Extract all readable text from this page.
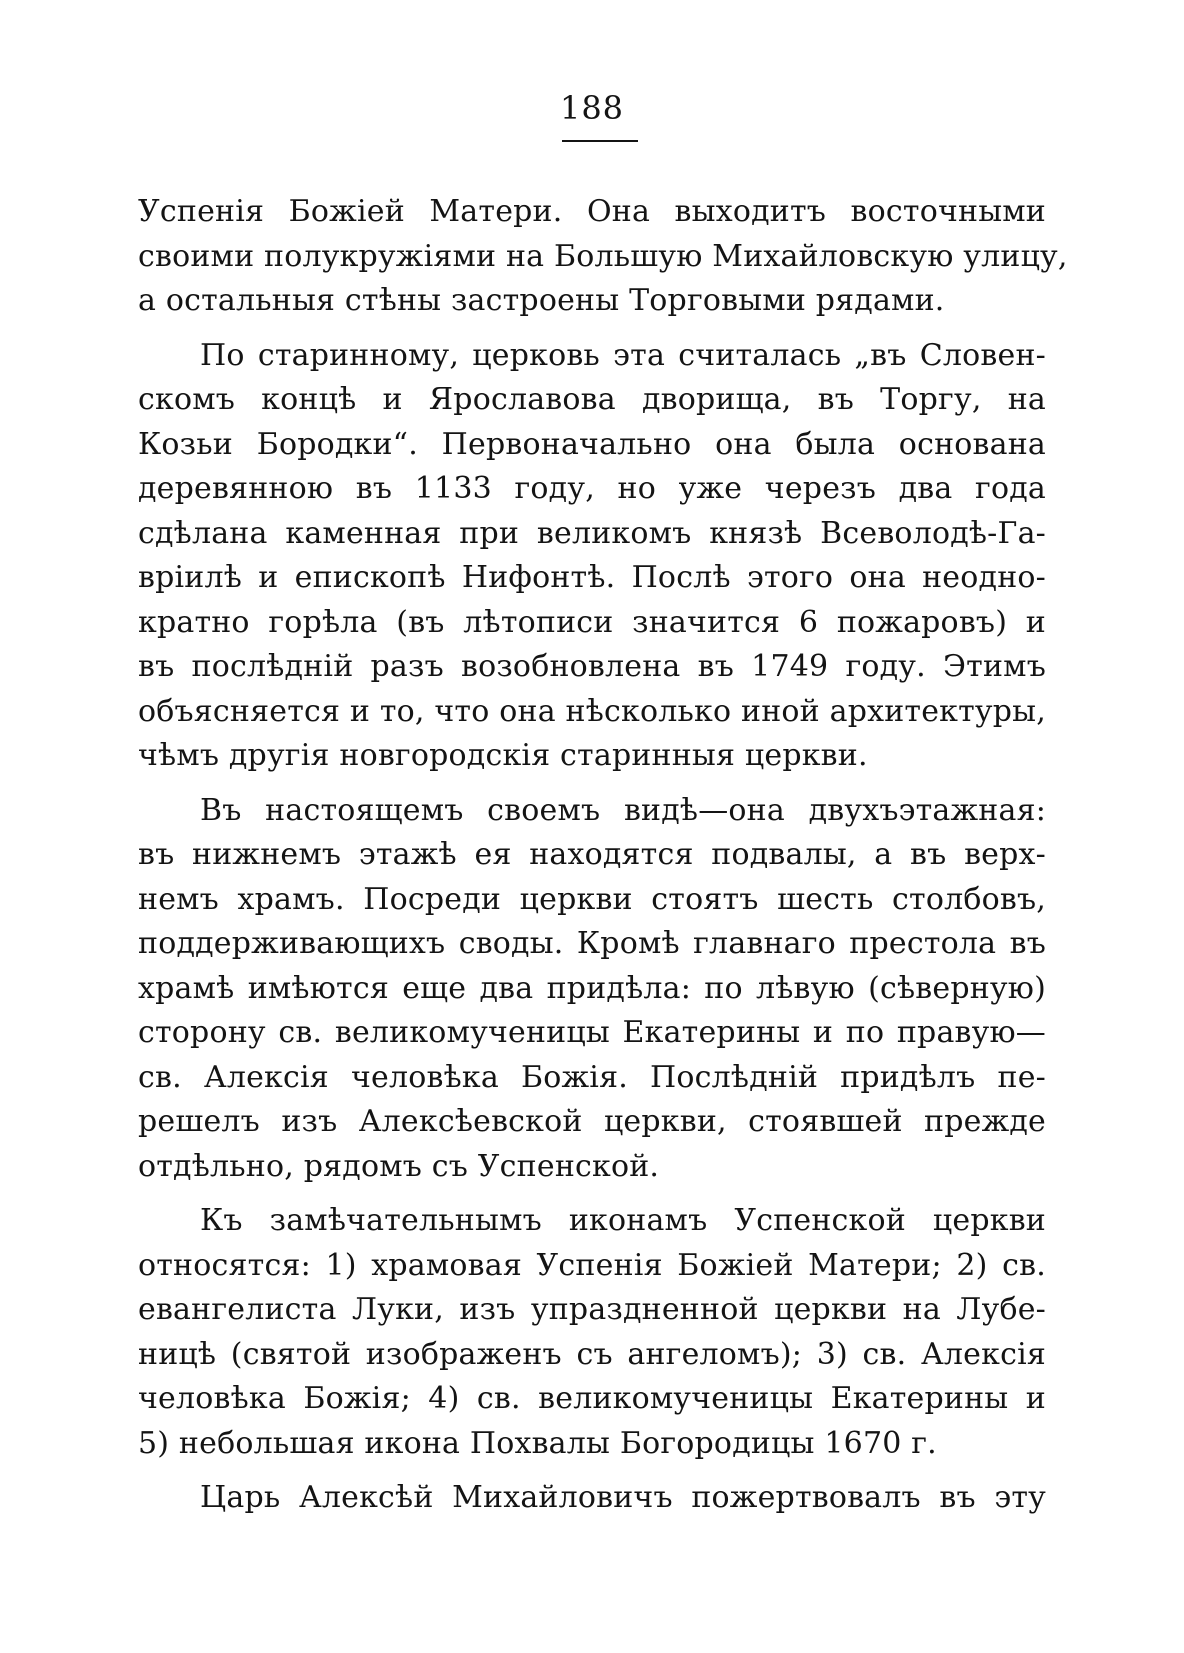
188
Успенія Божіей Матери. Она выходитъ восточными
своими полукружіями на Большую Михайловскую улицу,
а остальныя стѣны застроены Торговыми рядами.
По старинному, церковь эта считалась „въ Словен-
скомъ концѣ и Ярославова дворища, въ Торгу, на
Козьи Бородки“. Первоначально она была основана
деревянною въ 1133 году, но уже черезъ два года
сдѣлана каменная при великомъ князѣ Всеволодѣ-Га-
вріилѣ и епископѣ Нифонтѣ. Послѣ этого она неодно-
кратно горѣла (въ лѣтописи значится 6 пожаровъ) и
въ послѣдній разъ возобновлена въ 1749 году. Этимъ
объясняется и то, что она нѣсколько иной архитектуры,
чѣмъ другія новгородскія старинныя церкви.
Въ настоящемъ своемъ видѣ—она двухъэтажная:
въ нижнемъ этажѣ ея находятся подвалы, а въ верх-
немъ храмъ. Посреди церкви стоятъ шесть столбовъ,
поддерживающихъ своды. Кромѣ главнаго престола въ
храмѣ имѣются еще два придѣла: по лѣвую (сѣверную)
сторону св. великомученицы Екатерины и по правую—
св. Алексія человѣка Божія. Послѣдній придѣлъ пе-
решелъ изъ Алексѣевской церкви, стоявшей прежде
отдѣльно, рядомъ съ Успенской.
Къ замѣчательнымъ иконамъ Успенской церкви
относятся: 1) храмовая Успенія Божіей Матери; 2) св.
евангелиста Луки, изъ упраздненной церкви на Лубе-
ницѣ (святой изображенъ съ ангеломъ); 3) св. Алексія
человѣка Божія; 4) св. великомученицы Екатерины и
5) небольшая икона Похвалы Богородицы 1670 г.
Царь Алексѣй Михайловичъ пожертвовалъ въ эту
